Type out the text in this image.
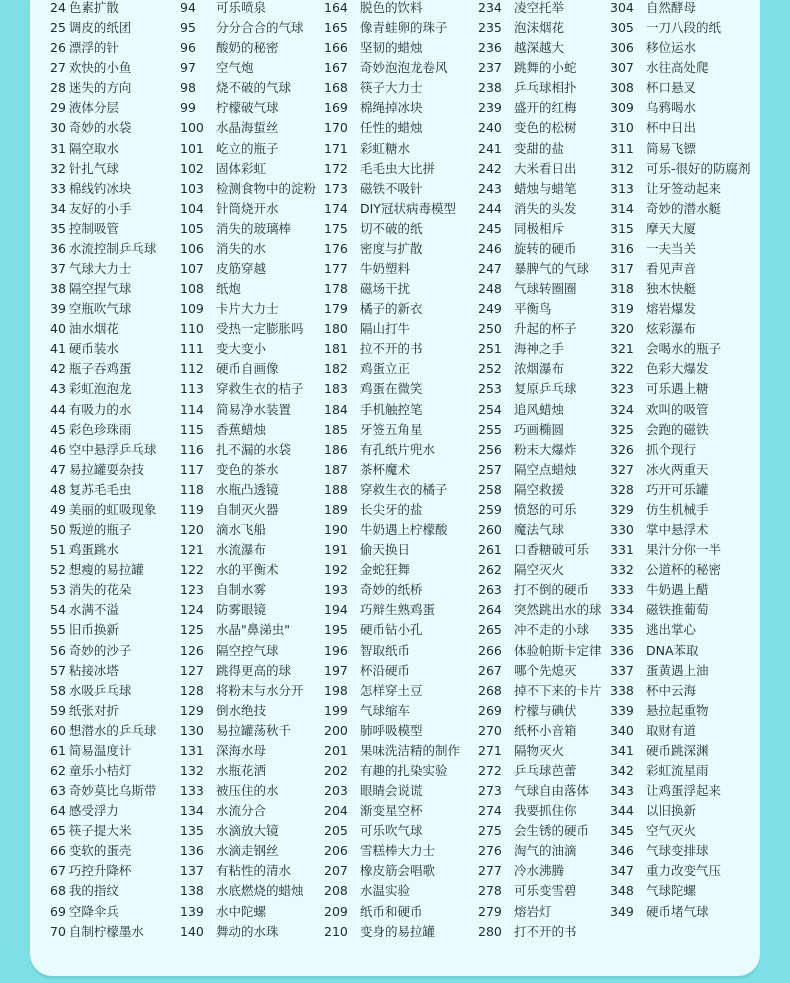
24 色素扩散
25 调皮的纸团
26 漂浮的针
27 欢快的小鱼
28 迷失的方向
29 液体分层
30 奇妙的水袋
31 隔空取水
32 针扎气球
33 棉线钓冰块
34 友好的小手
35 控制吸管
36 水流控制乒乓球
37 气球大力士
38 隔空捏气球
39 空瓶吹气球
40 油水烟花
41 硬币装水
42 瓶子吞鸡蛋
43 彩虹泡泡龙
44 有吸力的水
45 彩色珍珠雨
46 空中悬浮乒乓球
47 易拉罐耍杂技
48 复苏毛毛虫
49 美丽的虹吸现象
50 叛逆的瓶子
51 鸡蛋跳水
52 想瘦的易拉罐
53 消失的花朵
54 水满不溢
55 旧币换新
56 奇妙的沙子
57 粘接冰塔
58 水吸乒乓球
59 纸张对折
60 想潜水的乒乓球
61 简易温度计
62 童乐小桔灯
63 奇妙莫比乌斯带
64 感受浮力
65 筷子提大米
66 变软的蛋壳
67 巧控升降杯
68 我的指纹
69 空降伞兵
70 自制柠檬墨水
94 可乐喷泉
95 分分合合的气球
96 酸奶的秘密
97 空气炮
98 烧不破的气球
99 柠檬破气球
100 水晶海蜇丝
101 屹立的瓶子
102 固体彩虹
103 检测食物中的淀粉
104 针筒烧开水
105 消失的玻璃棒
106 消失的水
107 皮筋穿越
108 纸炮
109 卡片大力士
110 受热一定膨胀吗
111 变大变小
112 硬币自画像
113 穿救生衣的桔子
114 简易净水装置
115 香蕉蜡烛
116 扎不漏的水袋
117 变色的茶水
118 水瓶凸透镜
119 自制灭火器
120 滴水飞船
121 水流瀑布
122 水的平衡术
123 自制水雾
124 防雾眼镜
125 水晶"鼻涕虫"
126 隔空控气球
127 跳得更高的球
128 将粉末与水分开
129 倒水绝技
130 易拉罐荡秋千
131 深海水母
132 水瓶花洒
133 被压住的水
134 水流分合
135 水滴放大镜
136 水滴走钢丝
137 有粘性的清水
138 水底燃烧的蜡烛
139 水中陀螺
140 舞动的水珠
164 脱色的饮料
165 像青蛙卵的珠子
166 坚韧的蜡烛
167 奇妙泡泡龙卷风
168 筷子大力士
169 棉绳掉冰块
170 任性的蜡烛
171 彩虹糖水
172 毛毛虫大比拼
173 磁铁不吸针
174 DIY冠状病毒模型
175 切不破的纸
176 密度与扩散
177 牛奶塑料
178 磁场干扰
179 橘子的新衣
180 隔山打牛
181 拉不开的书
182 鸡蛋立正
183 鸡蛋在微笑
184 手机触控笔
185 牙签五角星
186 有孔纸片兜水
187 茶杯魔术
188 穿救生衣的橘子
189 长尖牙的盐
190 牛奶遇上柠檬酸
191 偷天换日
192 金蛇狂舞
193 奇妙的纸桥
194 巧辩生熟鸡蛋
195 硬币钻小孔
196 智取纸币
197 杯沿硬币
198 怎样穿土豆
199 气球缩车
200 肺呼吸模型
201 果味洗洁精的制作
202 有趣的扎染实验
203 眼睛会说谎
204 渐变星空杯
205 可乐吹气球
206 雪糕棒大力士
207 橡皮筋会唱歌
208 水温实验
209 纸币和硬币
210 变身的易拉罐
234 凌空托举
235 泡沫烟花
236 越深越大
237 跳舞的小蛇
238 乒乓球相扑
239 盛开的红梅
240 变色的松树
241 变甜的盐
242 大米看日出
243 蜡烛与蜡笔
244 消失的头发
245 同极相斥
246 旋转的硬币
247 暴脾气的气球
248 气球转圈圈
249 平衡鸟
250 升起的杯子
251 海神之手
252 浓烟瀑布
253 复原乒乓球
254 追风蜡烛
255 巧画椭圆
256 粉末大爆炸
257 隔空点蜡烛
258 隔空救援
259 愤怒的可乐
260 魔法气球
261 口香糖破可乐
262 隔空灭火
263 打不倒的硬币
264 突然跳出水的球
265 冲不走的小球
266 体验帕斯卡定律
267 哪个先熄灭
268 掉不下来的卡片
269 柠檬与碘伏
270 纸杯小音箱
271 隔物灭火
272 乒乓球芭蕾
273 气球自由落体
274 我要抓住你
275 会生锈的硬币
276 淘气的油滴
277 冷水沸腾
278 可乐变雪碧
279 熔岩灯
280 打不开的书
304 自然酵母
305 一刀八段的纸
306 移位运水
307 水往高处爬
308 杯口悬叉
309 乌鸦喝水
310 杯中日出
311 简易飞镖
312 可乐-很好的防腐剂
313 让牙签动起来
314 奇妙的潜水艇
315 摩天大厦
316 一夫当关
317 看见声音
318 独木快艇
319 熔岩爆发
320 炫彩瀑布
321 会喝水的瓶子
322 色彩大爆发
323 可乐遇上糖
324 欢叫的吸管
325 会跑的磁铁
326 抓个现行
327 冰火两重天
328 巧开可乐罐
329 仿生机械手
330 掌中悬浮术
331 果汁分你一半
332 公道杯的秘密
333 牛奶遇上醋
334 磁铁推葡萄
335 逃出掌心
336 DNA苯取
337 蛋黄遇上油
338 杯中云海
339 悬拉起重物
340 取财有道
341 硬币跳深渊
342 彩虹流星雨
343 让鸡蛋浮起来
344 以旧换新
345 空气灭火
346 气球变排球
347 重力改变气压
348 气球陀螺
349 硬币堵气球
